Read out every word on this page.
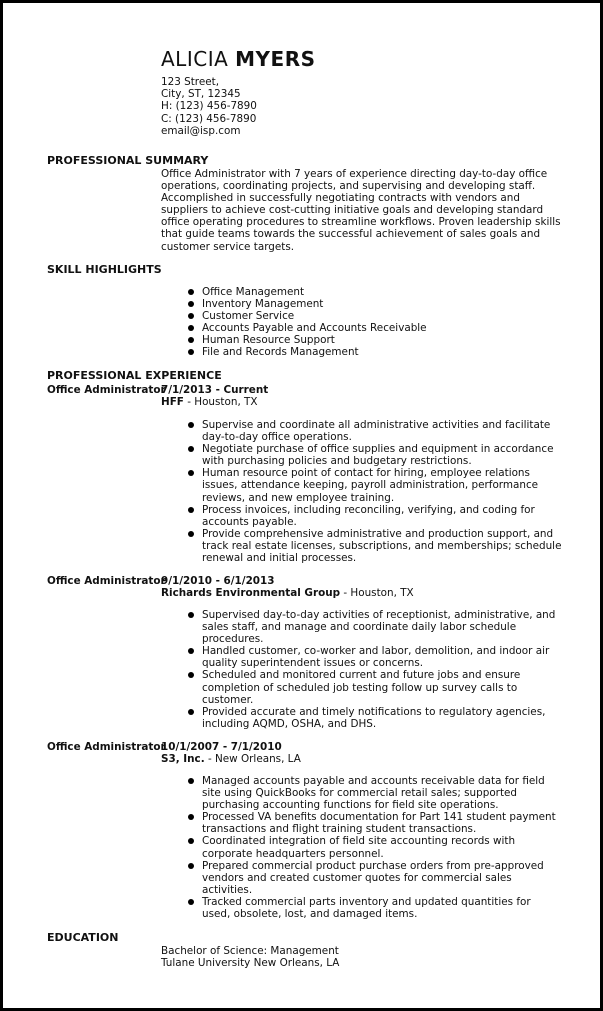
ALICIA MYERS
123 Street,
City, ST, 12345
H: (123) 456-7890
C: (123) 456-7890
email@isp.com
PROFESSIONAL SUMMARY

Office Administrator with 7 years of experience directing day-to-day office operations, coordinating projects, and supervising and developing staff. Accomplished in successfully negotiating contracts with vendors and suppliers to achieve cost-cutting initiative goals and developing standard office operating procedures to streamline workflows. Proven leadership skills that guide teams towards the successful achievement of sales goals and customer service targets.

SKILL HIGHLIGHTS
Office Management
Inventory Management
Customer Service
Accounts Payable and Accounts Receivable
Human Resource Support
File and Records Management
PROFESSIONAL EXPERIENCE
Office Administrator
7/1/2013 - Current
HFF - Houston, TX
Supervise and coordinate all administrative activities and facilitate day-to-day office operations.
Negotiate purchase of office supplies and equipment in accordance with purchasing policies and budgetary restrictions.
Human resource point of contact for hiring, employee relations issues, attendance keeping, payroll administration, performance reviews, and new employee training.
Process invoices, including reconciling, verifying, and coding for accounts payable.
Provide comprehensive administrative and production support, and track real estate licenses, subscriptions, and memberships; schedule renewal and initial processes.
Office Administrator
9/1/2010 - 6/1/2013
Richards Environmental Group - Houston, TX
Supervised day-to-day activities of receptionist, administrative, and sales staff, and manage and coordinate daily labor schedule procedures.
Handled customer, co-worker and labor, demolition, and indoor air quality superintendent issues or concerns.
Scheduled and monitored current and future jobs and ensure completion of scheduled job testing follow up survey calls to customer.
Provided accurate and timely notifications to regulatory agencies, including AQMD, OSHA, and DHS.
Office Administrator
10/1/2007 - 7/1/2010
S3, Inc. - New Orleans, LA
Managed accounts payable and accounts receivable data for field site using QuickBooks for commercial retail sales; supported purchasing accounting functions for field site operations.
Processed VA benefits documentation for Part 141 student payment transactions and flight training student transactions.
Coordinated integration of field site accounting records with corporate headquarters personnel.
Prepared commercial product purchase orders from pre-approved vendors and created customer quotes for commercial sales activities.
Tracked commercial parts inventory and updated quantities for used, obsolete, lost, and damaged items.
EDUCATION
Bachelor of Science: Management
Tulane University New Orleans, LA
